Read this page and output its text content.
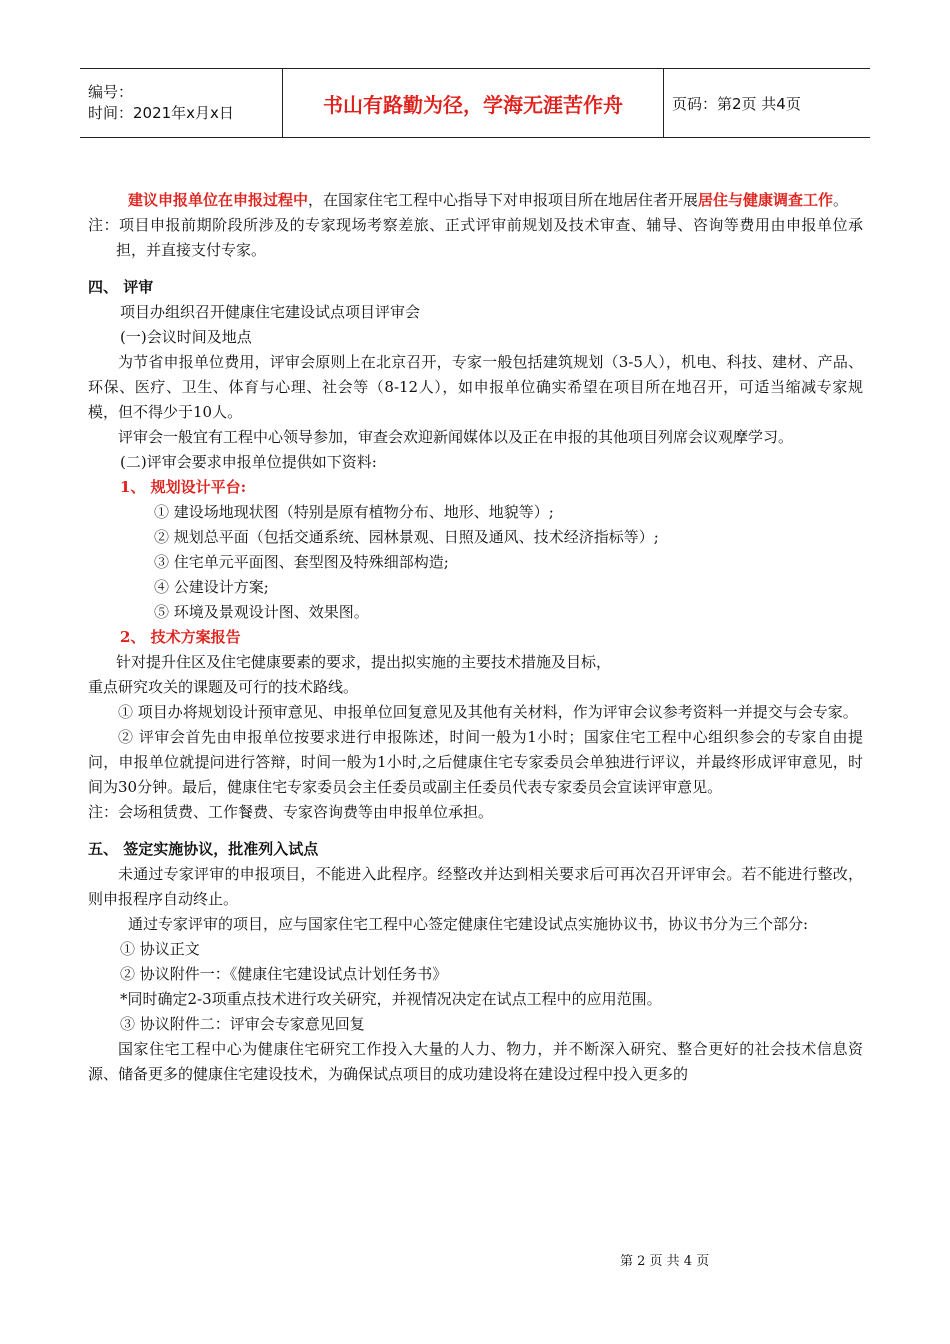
编号：
时间：2021年x月x日	书山有路勤为径，学海无涯苦作舟	页码：第2页 共4页

建议申报单位在申报过程中，在国家住宅工程中心指导下对申报项目所在地居住者开展居住与健康调查工作。

注：项目申报前期阶段所涉及的专家现场考察差旅、正式评审前规划及技术审查、辅导、咨询等费用由申报单位承担，并直接支付专家。

四、 评审

项目办组织召开健康住宅建设试点项目评审会

(一)会议时间及地点

为节省申报单位费用，评审会原则上在北京召开，专家一般包括建筑规划（3-5人），机电、科技、建材、产品、环保、医疗、卫生、体育与心理、社会等（8-12人），如申报单位确实希望在项目所在地召开，可适当缩减专家规模，但不得少于10人。

评审会一般宜有工程中心领导参加，审查会欢迎新闻媒体以及正在申报的其他项目列席会议观摩学习。

(二)评审会要求申报单位提供如下资料:

1、 规划设计平台:

① 建设场地现状图（特别是原有植物分布、地形、地貌等）;

② 规划总平面（包括交通系统、园林景观、日照及通风、技术经济指标等）;

③ 住宅单元平面图、套型图及特殊细部构造;

④ 公建设计方案;

⑤ 环境及景观设计图、效果图。

2、 技术方案报告

针对提升住区及住宅健康要素的要求，提出拟实施的主要技术措施及目标，

重点研究攻关的课题及可行的技术路线。

① 项目办将规划设计预审意见、申报单位回复意见及其他有关材料，作为评审会议参考资料一并提交与会专家。

② 评审会首先由申报单位按要求进行申报陈述，时间一般为1小时；国家住宅工程中心组织参会的专家自由提问，申报单位就提问进行答辩，时间一般为1小时,之后健康住宅专家委员会单独进行评议，并最终形成评审意见，时间为30分钟。最后，健康住宅专家委员会主任委员或副主任委员代表专家委员会宣读评审意见。

注：会场租赁费、工作餐费、专家咨询费等由申报单位承担。

五、 签定实施协议，批准列入试点

未通过专家评审的申报项目，不能进入此程序。经整改并达到相关要求后可再次召开评审会。若不能进行整改，则申报程序自动终止。

通过专家评审的项目，应与国家住宅工程中心签定健康住宅建设试点实施协议书，协议书分为三个部分:

① 协议正文

② 协议附件一：《健康住宅建设试点计划任务书》

*同时确定2-3项重点技术进行攻关研究，并视情况决定在试点工程中的应用范围。

③ 协议附件二：评审会专家意见回复

国家住宅工程中心为健康住宅研究工作投入大量的人力、物力，并不断深入研究、整合更好的社会技术信息资源、储备更多的健康住宅建设技术，为确保试点项目的成功建设将在建设过程中投入更多的

第 2 页 共 4 页
